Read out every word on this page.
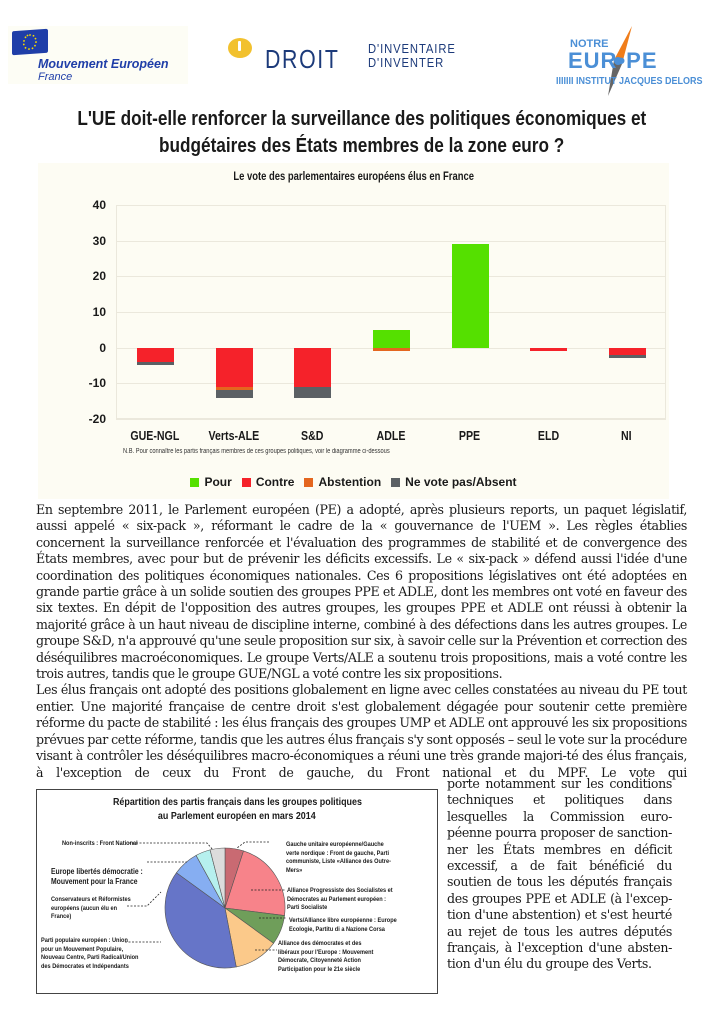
Mouvement Européen
France
DROIT D'INVENTAIRE
D'INVENTER
NOTRE
EUR•PE
IIIIIII INSTITUT JACQUES DELORS
L'UE doit-elle renforcer la surveillance des politiques économiques et
budgétaires des États membres de la zone euro ?
Le vote des parlementaires européens élus en France
40
30
20
10
0
-10
-20
GUE-NGL	Verts-ALE	S&D	ADLE	PPE	ELD	NI
N.B. Pour connaître les partis français membres de ces groupes politiques, voir le diagramme ci-dessous
Pour Contre Abstention Ne vote pas/Absent

En septembre 2011, le Parlement européen (PE) a adopté, après plusieurs reports, un paquet législatif, aussi appelé « six-pack », réformant le cadre de la « gouvernance de l'UEM ». Les règles établies concernent la surveillance renforcée et l'évaluation des programmes de stabilité et de convergence des États membres, avec pour but de prévenir les déficits excessifs. Le « six-pack » défend aussi l'idée d'une coordination des politiques économiques nationales. Ces 6 propositions législatives ont été adoptées en grande partie grâce à un solide soutien des groupes PPE et ADLE, dont les membres ont voté en faveur des six textes. En dépit de l'opposition des autres groupes, les groupes PPE et ADLE ont réussi à obtenir la majorité grâce à un haut niveau de discipline interne, combiné à des défections dans les autres groupes. Le groupe S&D, n'a approuvé qu'une seule proposition sur six, à savoir celle sur la Prévention et correction des déséquilibres macroéconomiques. Le groupe Verts/ALE a soutenu trois propositions, mais a voté contre les trois autres, tandis que le groupe GUE/NGL a voté contre les six propositions.

Les élus français ont adopté des positions globalement en ligne avec celles constatées au niveau du PE tout entier. Une majorité française de centre droit s'est globalement dégagée pour soutenir cette première réforme du pacte de stabilité : les élus français des groupes UMP et ADLE ont approuvé les six propositions prévues par cette réforme, tandis que les autres élus français s'y sont opposés – seul le vote sur la procédure visant à contrôler les déséquilibres macro-économiques a réuni une très grande majori-té des élus français, à l'exception de ceux du Front de gauche, du Front national et du MPF. Le vote qui

porte notamment sur les conditions techniques et politiques dans lesquelles la Commission euro-péenne pourra proposer de sanction-ner les États membres en déficit excessif, a de fait bénéficié du soutien de tous les députés français des groupes PPE et ADLE (à l'excep-tion d'une abstention) et s'est heurté au rejet de tous les autres députés français, à l'exception d'une absten-tion d'un élu du groupe des Verts.
Répartition des partis français dans les groupes politiques
au Parlement européen en mars 2014
Non-inscrits : Front National
Europe libertés démocratie : Mouvement pour la France
Conservateurs et Réformistes européens (aucun élu en France)
Parti populaire européen : Union pour un Mouvement Populaire, Nouveau Centre, Parti Radical/Union des Démocrates et Indépendants
Gauche unitaire européenne/Gauche verte nordique : Front de gauche, Parti communiste, Liste «Alliance des Outre-Mers»
Alliance Progressiste des Socialistes et Démocrates au Parlement européen : Parti Socialiste
Verts/Alliance libre européenne : Europe Ecologie, Partitu di a Nazione Corsa
Alliance des démocrates et des libéraux pour l'Europe : Mouvement Démocrate, Citoyenneté Action Participation pour le 21e siècle
